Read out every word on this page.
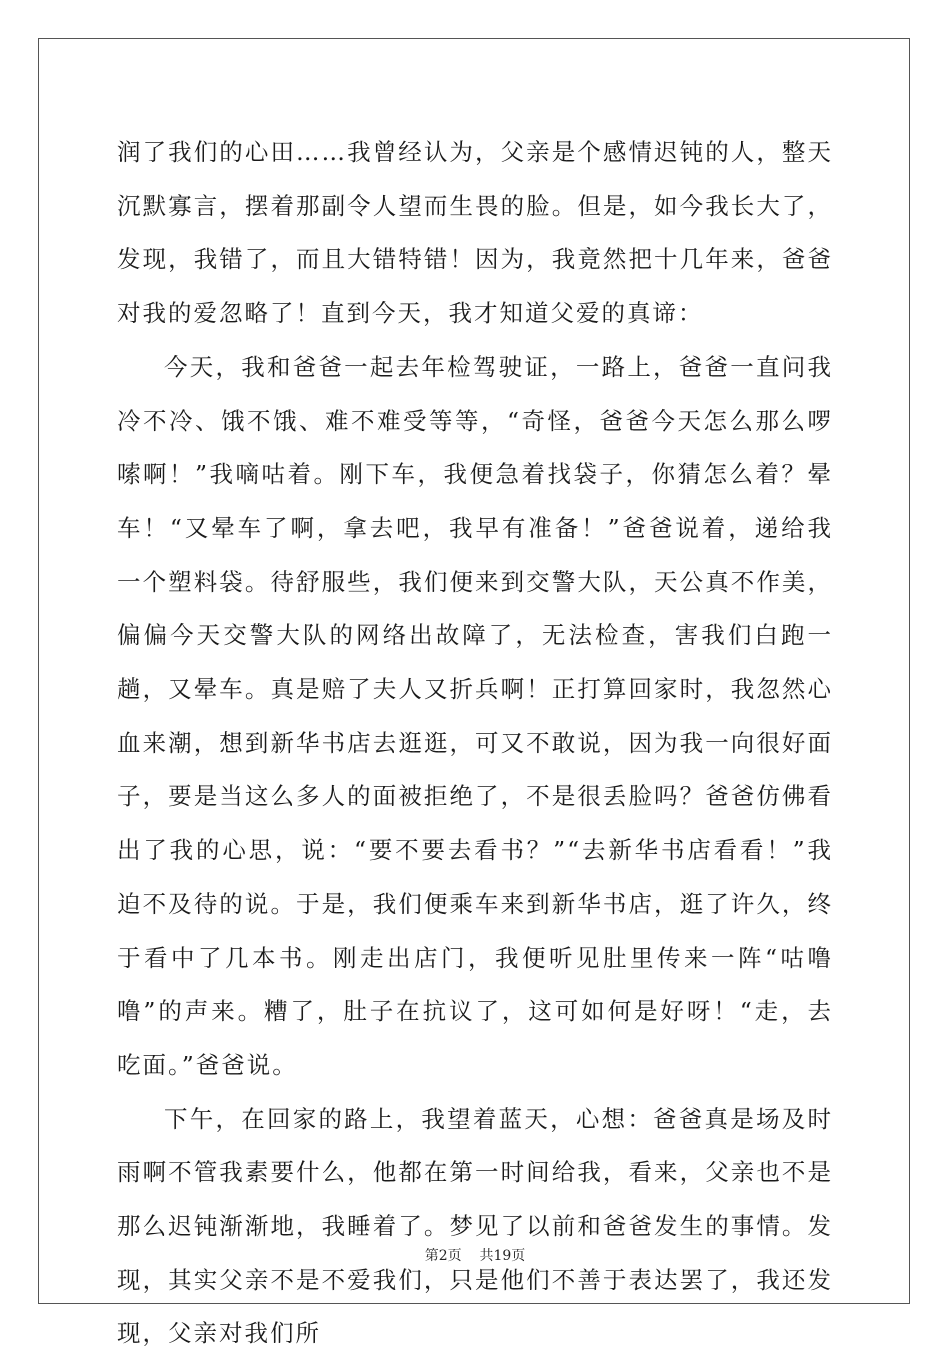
润了我们的心田……我曾经认为，父亲是个感情迟钝的人，整天沉默寡言，摆着那副令人望而生畏的脸。但是，如今我长大了，发现，我错了，而且大错特错！因为，我竟然把十几年来，爸爸对我的爱忽略了！直到今天，我才知道父爱的真谛：

今天，我和爸爸一起去年检驾驶证，一路上，爸爸一直问我冷不冷、饿不饿、难不难受等等，“奇怪，爸爸今天怎么那么啰嗦啊！”我嘀咕着。刚下车，我便急着找袋子，你猜怎么着？晕车！“又晕车了啊，拿去吧，我早有准备！”爸爸说着，递给我一个塑料袋。待舒服些，我们便来到交警大队，天公真不作美，偏偏今天交警大队的网络出故障了，无法检查，害我们白跑一趟，又晕车。真是赔了夫人又折兵啊！正打算回家时，我忽然心血来潮，想到新华书店去逛逛，可又不敢说，因为我一向很好面子，要是当这么多人的面被拒绝了，不是很丢脸吗？爸爸仿佛看出了我的心思，说：“要不要去看书？”“去新华书店看看！”我迫不及待的说。于是，我们便乘车来到新华书店，逛了许久，终于看中了几本书。刚走出店门，我便听见肚里传来一阵“咕噜噜”的声来。糟了，肚子在抗议了，这可如何是好呀！“走，去吃面。”爸爸说。

下午，在回家的路上，我望着蓝天，心想：爸爸真是场及时雨啊不管我素要什么，他都在第一时间给我，看来，父亲也不是那么迟钝渐渐地，我睡着了。梦见了以前和爸爸发生的事情。发现，其实父亲不是不爱我们，只是他们不善于表达罢了，我还发现，父亲对我们所

第2页 共19页
